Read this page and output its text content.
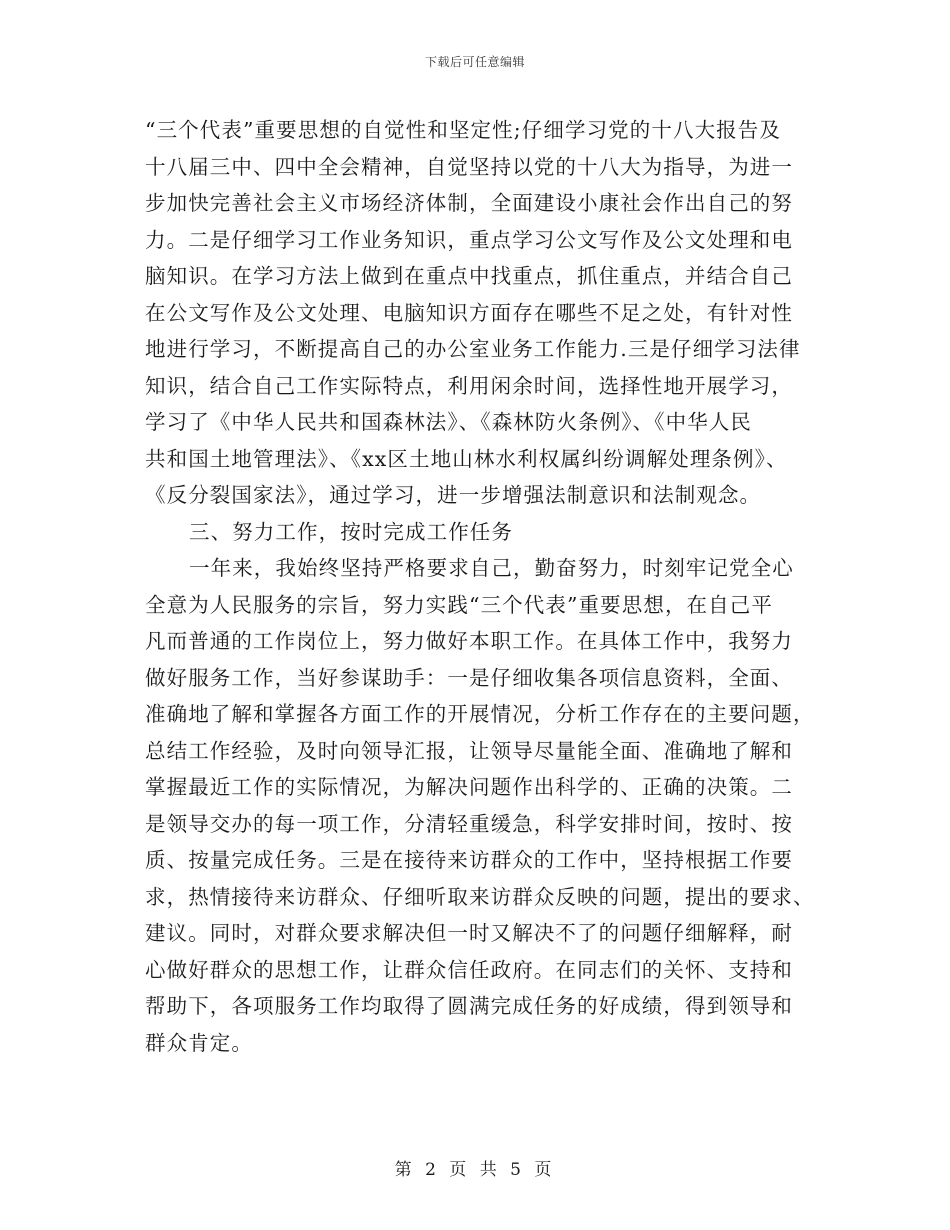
下载后可任意编辑
“三个代表”重要思想的自觉性和坚定性;仔细学习党的十八大报告及
十八届三中、四中全会精神，自觉坚持以党的十八大为指导，为进一
步加快完善社会主义市场经济体制，全面建设小康社会作出自己的努
力。二是仔细学习工作业务知识，重点学习公文写作及公文处理和电
脑知识。在学习方法上做到在重点中找重点，抓住重点，并结合自己
在公文写作及公文处理、电脑知识方面存在哪些不足之处，有针对性
地进行学习，不断提高自己的办公室业务工作能力.三是仔细学习法律
知识，结合自己工作实际特点，利用闲余时间，选择性地开展学习，
学习了《中华人民共和国森林法》、《森林防火条例》、《中华人民
共和国土地管理法》、《xx区土地山林水利权属纠纷调解处理条例》、
《反分裂国家法》，通过学习，进一步增强法制意识和法制观念。
三、努力工作，按时完成工作任务
一年来，我始终坚持严格要求自己，勤奋努力，时刻牢记党全心
全意为人民服务的宗旨，努力实践“三个代表”重要思想，在自己平
凡而普通的工作岗位上，努力做好本职工作。在具体工作中，我努力
做好服务工作，当好参谋助手：一是仔细收集各项信息资料，全面、
准确地了解和掌握各方面工作的开展情况，分析工作存在的主要问题，
总结工作经验，及时向领导汇报，让领导尽量能全面、准确地了解和
掌握最近工作的实际情况，为解决问题作出科学的、正确的决策。二
是领导交办的每一项工作，分清轻重缓急，科学安排时间，按时、按
质、按量完成任务。三是在接待来访群众的工作中，坚持根据工作要
求，热情接待来访群众、仔细听取来访群众反映的问题，提出的要求、
建议。同时，对群众要求解决但一时又解决不了的问题仔细解释，耐
心做好群众的思想工作，让群众信任政府。在同志们的关怀、支持和
帮助下，各项服务工作均取得了圆满完成任务的好成绩，得到领导和
群众肯定。
第 2 页 共 5 页
